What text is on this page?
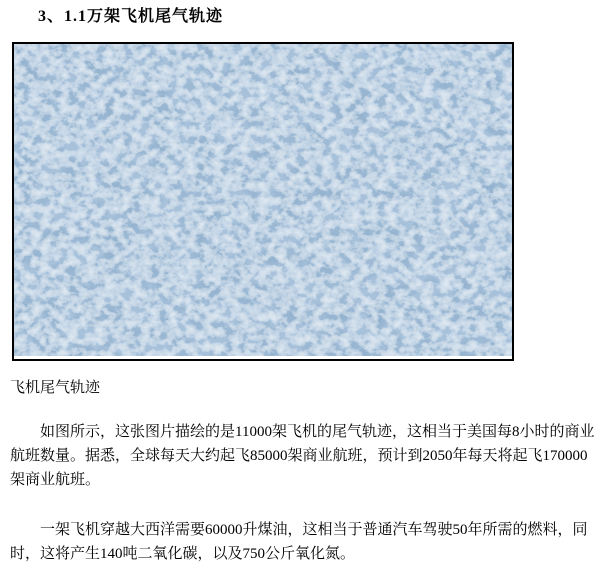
3、1.1万架飞机尾气轨迹

飞机尾气轨迹

如图所示，这张图片描绘的是11000架飞机的尾气轨迹，这相当于美国每8小时的商业航班数量。据悉，全球每天大约起飞85000架商业航班，预计到2050年每天将起飞170000架商业航班。

一架飞机穿越大西洋需要60000升煤油，这相当于普通汽车驾驶50年所需的燃料，同时，这将产生140吨二氧化碳，以及750公斤氧化氮。
